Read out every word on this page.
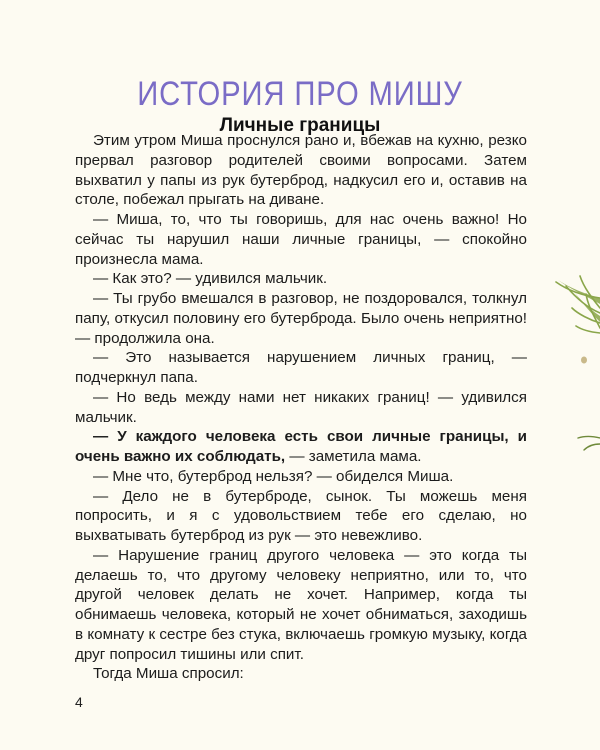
ИСТОРИЯ ПРО МИШУ
Личные границы

Этим утром Миша проснулся рано и, вбежав на кухню, резко прервал разговор родителей своими вопросами. Затем выхватил у папы из рук бутерброд, надкусил его и, оставив на столе, побежал прыгать на диване.

— Миша, то, что ты говоришь, для нас очень важно! Но сейчас ты нарушил наши личные границы, — спокойно произнесла мама.

— Как это? — удивился мальчик.

— Ты грубо вмешался в разговор, не поздоровался, толкнул папу, откусил половину его бутерброда. Было очень неприятно! — продолжила она.

— Это называется нарушением личных границ, — подчеркнул папа.

— Но ведь между нами нет никаких границ! — удивился мальчик.

— У каждого человека есть свои личные границы, и очень важно их соблюдать, — заметила мама.

— Мне что, бутерброд нельзя? — обиделся Миша.

— Дело не в бутерброде, сынок. Ты можешь меня попросить, и я с удовольствием тебе его сделаю, но выхватывать бутерброд из рук — это невежливо.

— Нарушение границ другого человека — это когда ты делаешь то, что другому человеку неприятно, или то, что другой человек делать не хочет. Например, когда ты обнимаешь человека, который не хочет обниматься, заходишь в комнату к сестре без стука, включаешь громкую музыку, когда друг попросил тишины или спит.

Тогда Миша спросил:

4
